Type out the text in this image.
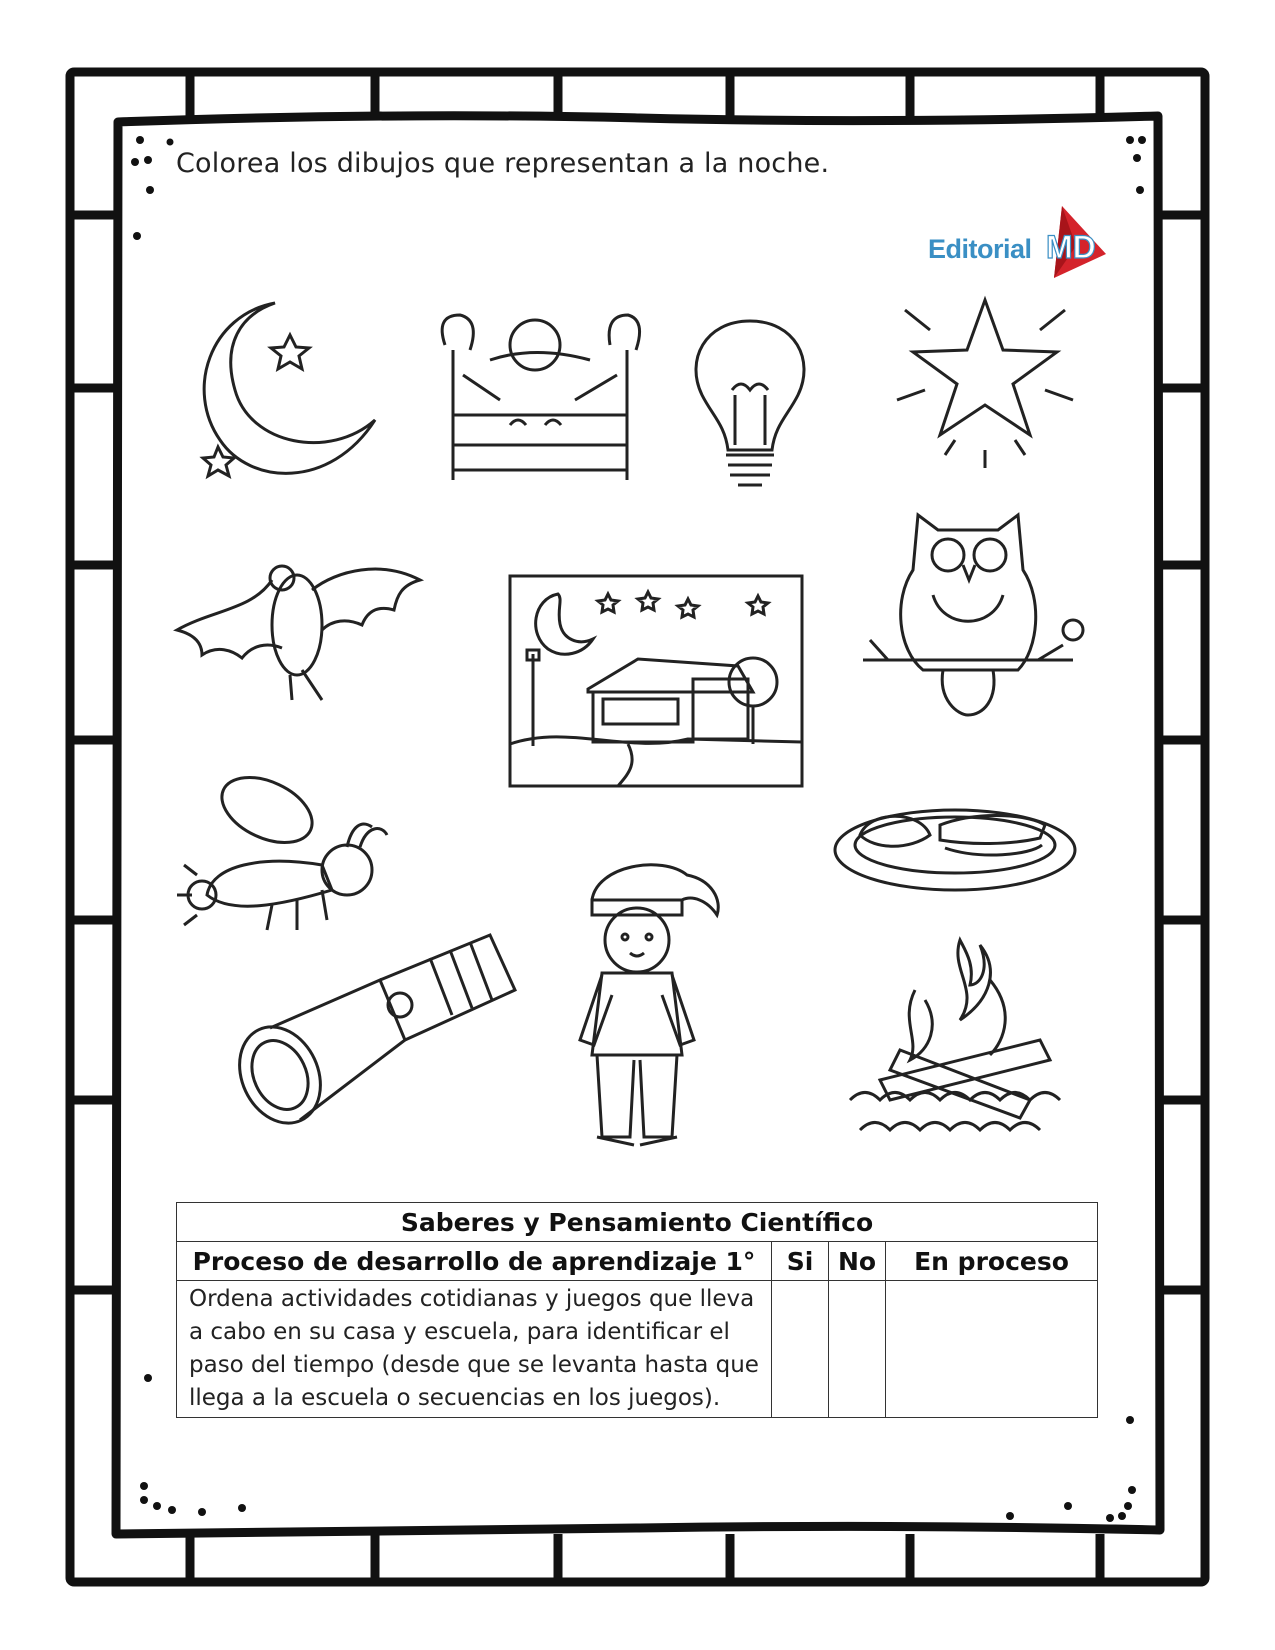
Colorea los dibujos que representan a la noche.
Editorial MD
Saberes y Pensamiento Científico			
Proceso de desarrollo de aprendizaje 1°	Si	No	En proceso
Ordena actividades cotidianas y juegos que lleva a cabo en su casa y escuela, para identificar el paso del tiempo (desde que se levanta hasta que llega a la escuela o secuencias en los juegos).			
